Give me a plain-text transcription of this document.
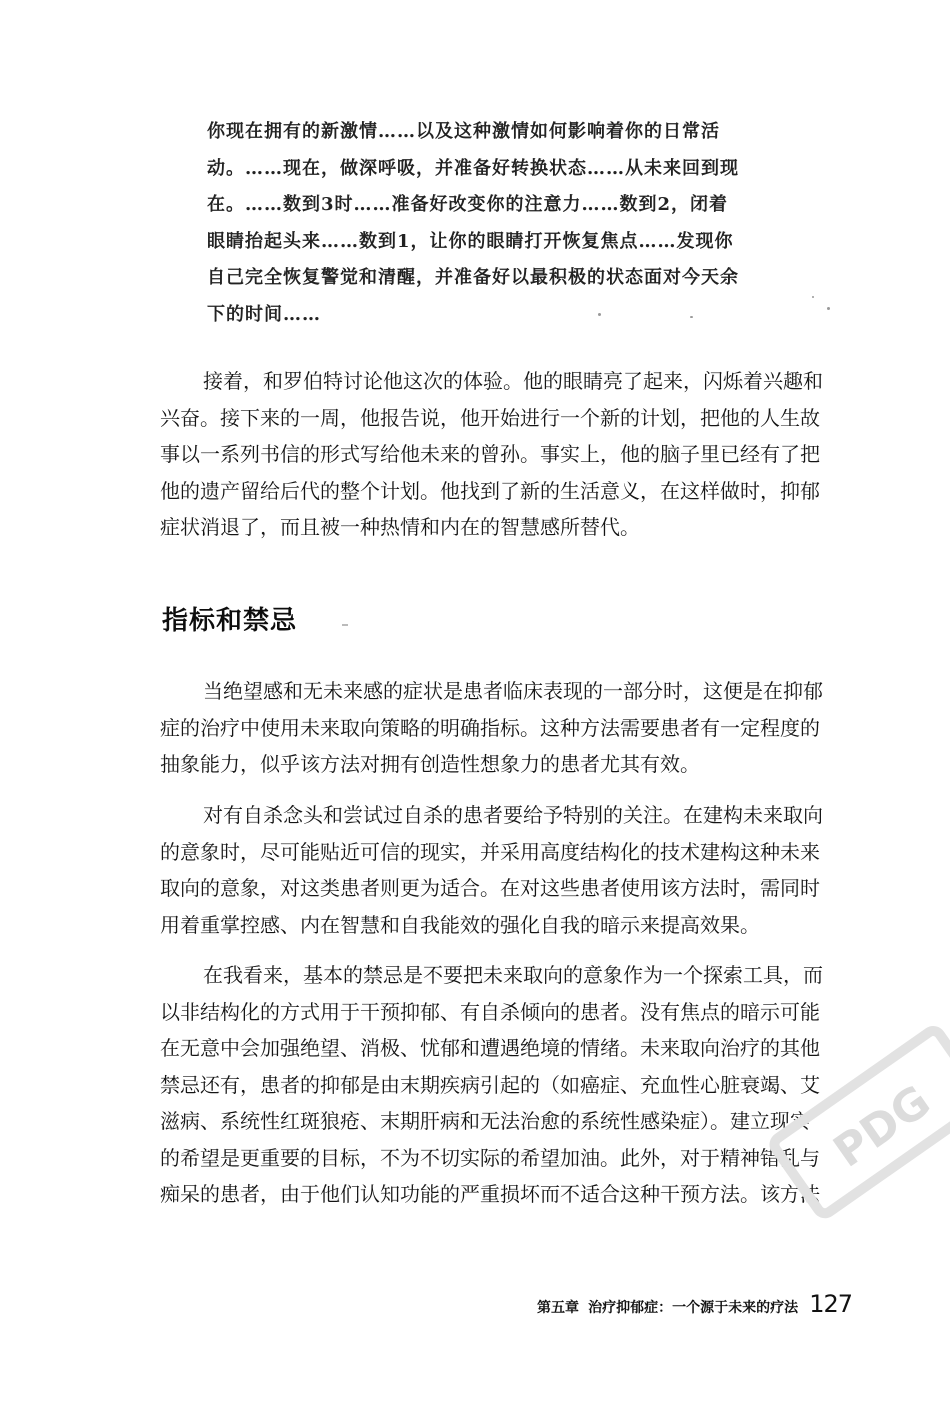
你现在拥有的新激情……以及这种激情如何影响着你的日常活
动。……现在，做深呼吸，并准备好转换状态……从未来回到现
在。……数到3时……准备好改变你的注意力……数到2，闭着
眼睛抬起头来……数到1，让你的眼睛打开恢复焦点……发现你
自己完全恢复警觉和清醒，并准备好以最积极的状态面对今天余
下的时间……
接着，和罗伯特讨论他这次的体验。他的眼睛亮了起来，闪烁着兴趣和
兴奋。接下来的一周，他报告说，他开始进行一个新的计划，把他的人生故
事以一系列书信的形式写给他未来的曾孙。事实上，他的脑子里已经有了把
他的遗产留给后代的整个计划。他找到了新的生活意义，在这样做时，抑郁
症状消退了，而且被一种热情和内在的智慧感所替代。
指标和禁忌
当绝望感和无未来感的症状是患者临床表现的一部分时，这便是在抑郁
症的治疗中使用未来取向策略的明确指标。这种方法需要患者有一定程度的
抽象能力，似乎该方法对拥有创造性想象力的患者尤其有效。
对有自杀念头和尝试过自杀的患者要给予特别的关注。在建构未来取向
的意象时，尽可能贴近可信的现实，并采用高度结构化的技术建构这种未来
取向的意象，对这类患者则更为适合。在对这些患者使用该方法时，需同时
用着重掌控感、内在智慧和自我能效的强化自我的暗示来提高效果。
在我看来，基本的禁忌是不要把未来取向的意象作为一个探索工具，而
以非结构化的方式用于干预抑郁、有自杀倾向的患者。没有焦点的暗示可能
在无意中会加强绝望、消极、忧郁和遭遇绝境的情绪。未来取向治疗的其他
禁忌还有，患者的抑郁是由末期疾病引起的（如癌症、充血性心脏衰竭、艾
滋病、系统性红斑狼疮、末期肝病和无法治愈的系统性感染症）。建立现实
的希望是更重要的目标，不为不切实际的希望加油。此外，对于精神错乱与
痴呆的患者，由于他们认知功能的严重损坏而不适合这种干预方法。该方法
PDG
第五章 治疗抑郁症：一个源于未来的疗法 127
